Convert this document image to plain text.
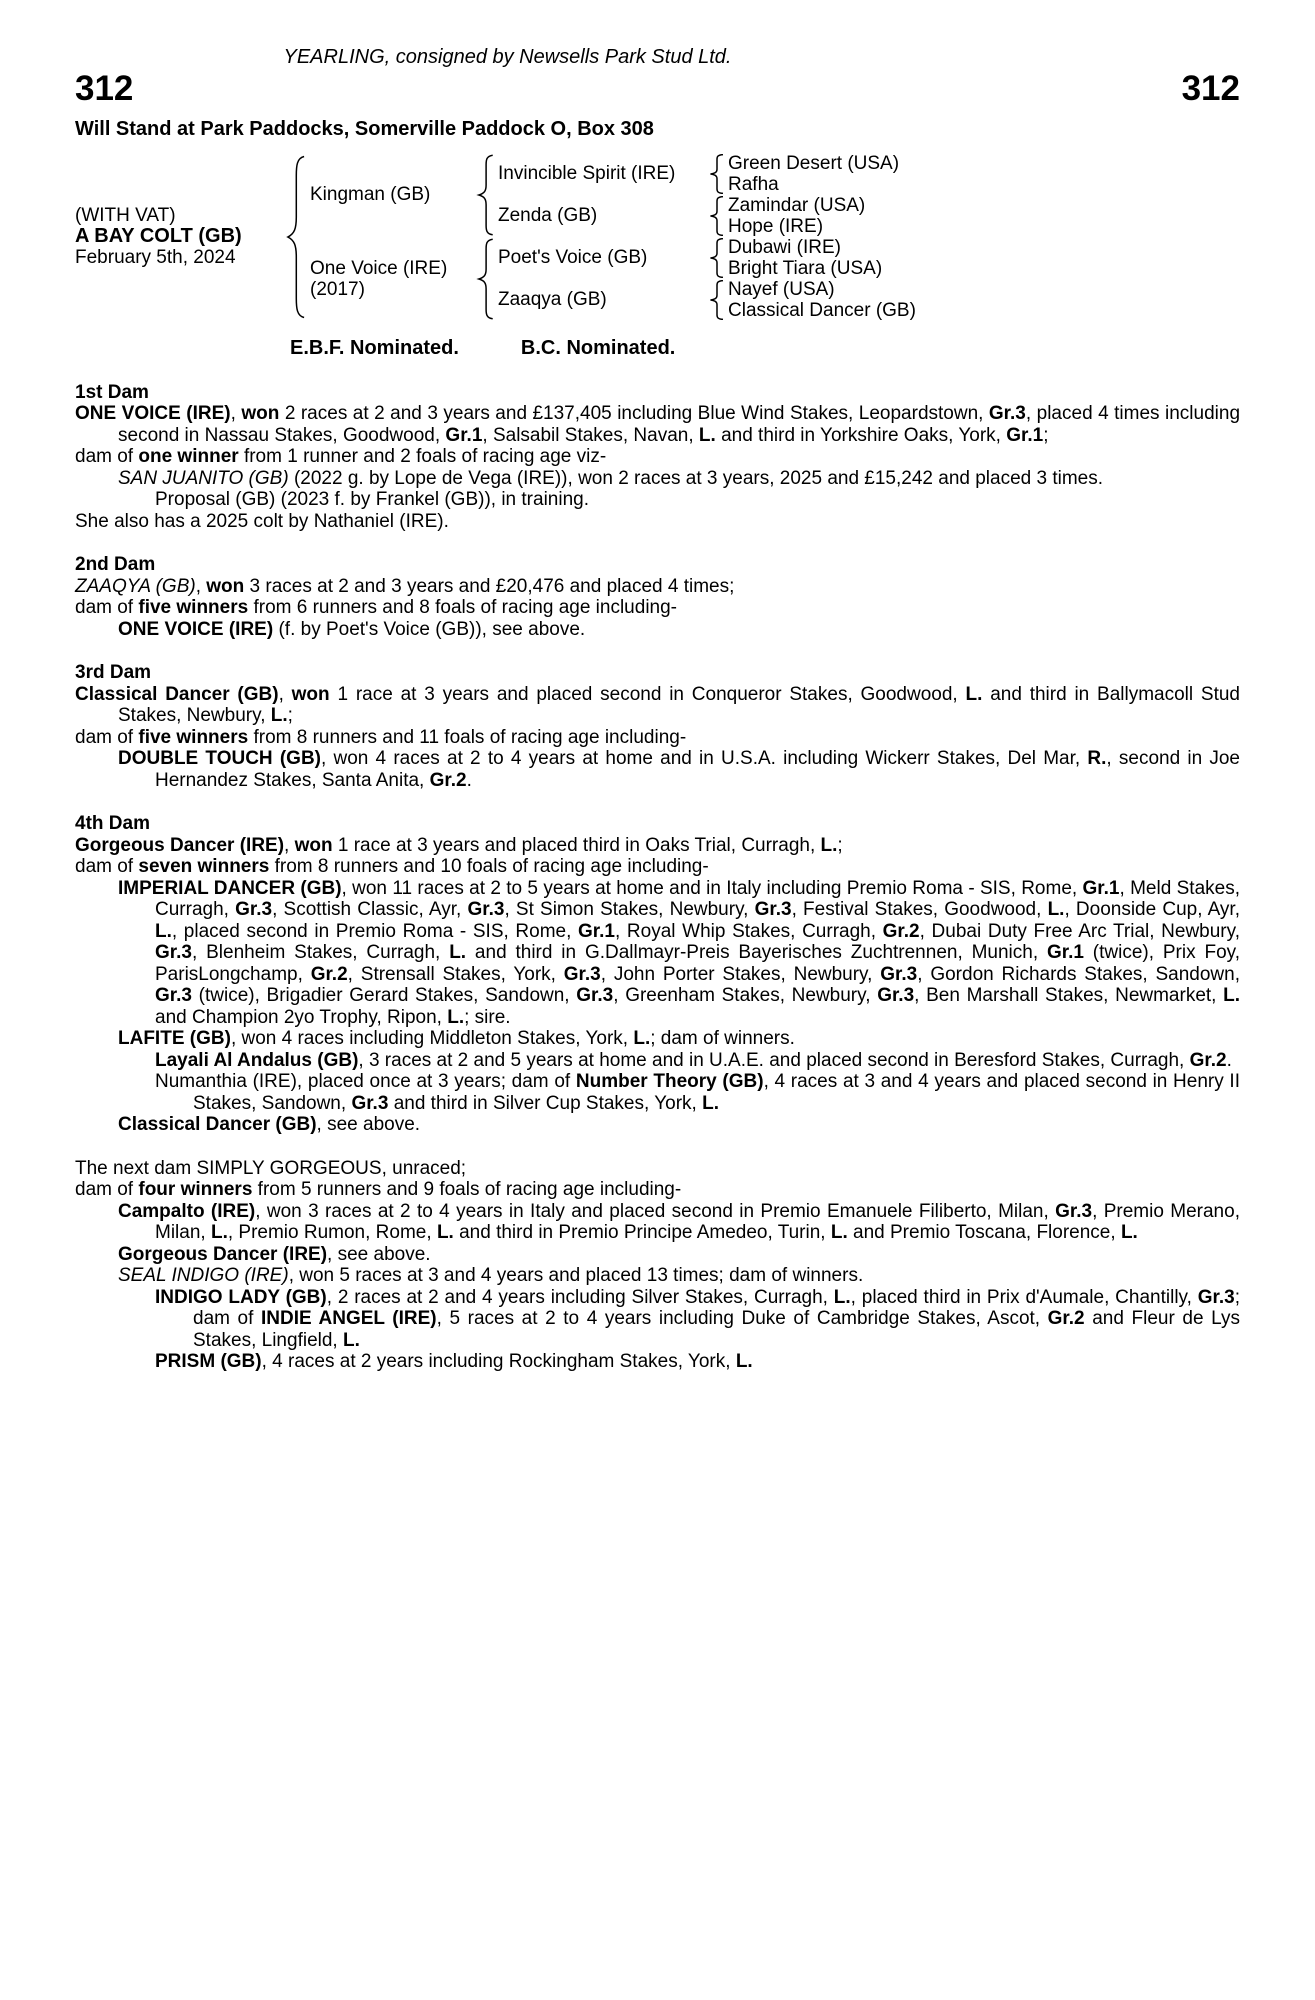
YEARLING, consigned by Newsells Park Stud Ltd.
312	312
Will Stand at Park Paddocks, Somerville Paddock O, Box 308
(WITH VAT)
A BAY COLT (GB)
February 5th, 2024
Kingman (GB)
One Voice (IRE)
(2017)
Invincible Spirit (IRE)
Zenda (GB)
Poet's Voice (GB)
Zaaqya (GB)
Green Desert (USA)
Rafha
Zamindar (USA)
Hope (IRE)
Dubawi (IRE)
Bright Tiara (USA)
Nayef (USA)
Classical Dancer (GB)
E.B.F. Nominated.	B.C. Nominated.
1st Dam

ONE VOICE (IRE), won 2 races at 2 and 3 years and £137,405 including Blue Wind Stakes, Leopardstown, Gr.3, placed 4 times including second in Nassau Stakes, Goodwood, Gr.1, Salsabil Stakes, Navan, L. and third in Yorkshire Oaks, York, Gr.1;

dam of one winner from 1 runner and 2 foals of racing age viz-

SAN JUANITO (GB) (2022 g. by Lope de Vega (IRE)), won 2 races at 3 years, 2025 and £15,242 and placed 3 times.

Proposal (GB) (2023 f. by Frankel (GB)), in training.

She also has a 2025 colt by Nathaniel (IRE).

2nd Dam

ZAAQYA (GB), won 3 races at 2 and 3 years and £20,476 and placed 4 times;

dam of five winners from 6 runners and 8 foals of racing age including-

ONE VOICE (IRE) (f. by Poet's Voice (GB)), see above.

3rd Dam

Classical Dancer (GB), won 1 race at 3 years and placed second in Conqueror Stakes, Goodwood, L. and third in Ballymacoll Stud Stakes, Newbury, L.;

dam of five winners from 8 runners and 11 foals of racing age including-

DOUBLE TOUCH (GB), won 4 races at 2 to 4 years at home and in U.S.A. including Wickerr Stakes, Del Mar, R., second in Joe Hernandez Stakes, Santa Anita, Gr.2.

4th Dam

Gorgeous Dancer (IRE), won 1 race at 3 years and placed third in Oaks Trial, Curragh, L.;

dam of seven winners from 8 runners and 10 foals of racing age including-

IMPERIAL DANCER (GB), won 11 races at 2 to 5 years at home and in Italy including Premio Roma - SIS, Rome, Gr.1, Meld Stakes, Curragh, Gr.3, Scottish Classic, Ayr, Gr.3, St Simon Stakes, Newbury, Gr.3, Festival Stakes, Goodwood, L., Doonside Cup, Ayr, L., placed second in Premio Roma - SIS, Rome, Gr.1, Royal Whip Stakes, Curragh, Gr.2, Dubai Duty Free Arc Trial, Newbury, Gr.3, Blenheim Stakes, Curragh, L. and third in G.Dallmayr-Preis Bayerisches Zuchtrennen, Munich, Gr.1 (twice), Prix Foy, ParisLongchamp, Gr.2, Strensall Stakes, York, Gr.3, John Porter Stakes, Newbury, Gr.3, Gordon Richards Stakes, Sandown, Gr.3 (twice), Brigadier Gerard Stakes, Sandown, Gr.3, Greenham Stakes, Newbury, Gr.3, Ben Marshall Stakes, Newmarket, L. and Champion 2yo Trophy, Ripon, L.; sire.

LAFITE (GB), won 4 races including Middleton Stakes, York, L.; dam of winners.

Layali Al Andalus (GB), 3 races at 2 and 5 years at home and in U.A.E. and placed second in Beresford Stakes, Curragh, Gr.2.

Numanthia (IRE), placed once at 3 years; dam of Number Theory (GB), 4 races at 3 and 4 years and placed second in Henry II Stakes, Sandown, Gr.3 and third in Silver Cup Stakes, York, L.

Classical Dancer (GB), see above.

The next dam SIMPLY GORGEOUS, unraced;

dam of four winners from 5 runners and 9 foals of racing age including-

Campalto (IRE), won 3 races at 2 to 4 years in Italy and placed second in Premio Emanuele Filiberto, Milan, Gr.3, Premio Merano, Milan, L., Premio Rumon, Rome, L. and third in Premio Principe Amedeo, Turin, L. and Premio Toscana, Florence, L.

Gorgeous Dancer (IRE), see above.

SEAL INDIGO (IRE), won 5 races at 3 and 4 years and placed 13 times; dam of winners.

INDIGO LADY (GB), 2 races at 2 and 4 years including Silver Stakes, Curragh, L., placed third in Prix d'Aumale, Chantilly, Gr.3; dam of INDIE ANGEL (IRE), 5 races at 2 to 4 years including Duke of Cambridge Stakes, Ascot, Gr.2 and Fleur de Lys Stakes, Lingfield, L.

PRISM (GB), 4 races at 2 years including Rockingham Stakes, York, L.
